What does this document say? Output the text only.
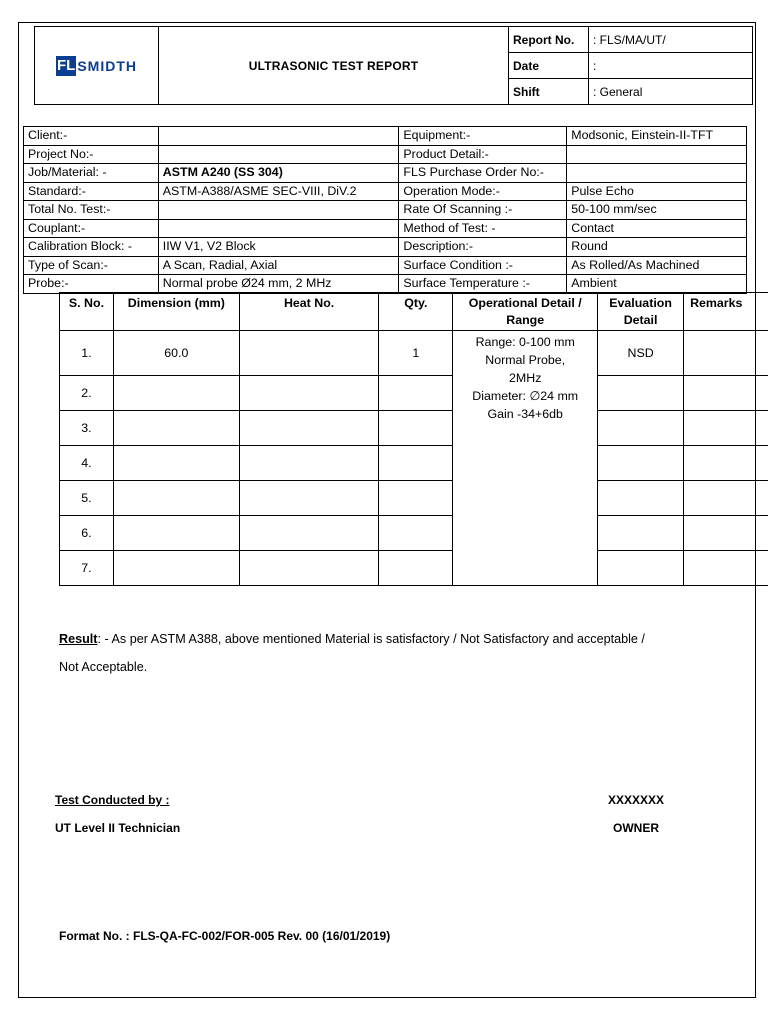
FL SMIDTH	ULTRASONIC TEST REPORT	Report No.	: FLS/MA/UT/
		Date	:
		Shift	: General
Client:-		Equipment:-	Modsonic, Einstein-II-TFT
Project No:-		Product Detail:-	
Job/Material: -	ASTM A240 (SS 304)	FLS Purchase Order No:-	
Standard:-	ASTM-A388/ASME SEC-VIII, DiV.2	Operation Mode:-	Pulse Echo
Total No. Test:-		Rate Of Scanning :-	50-100 mm/sec
Couplant:-		Method of Test: -	Contact
Calibration Block: -	IIW V1, V2 Block	Description:-	Round
Type of Scan:-	A Scan, Radial, Axial	Surface Condition :-	As Rolled/As Machined
Probe:-	Normal probe Ø24 mm, 2 MHz	Surface Temperature :-	Ambient
S. No.	Dimension (mm)	Heat No.	Qty.	Operational Detail / Range	Evaluation Detail	Remarks
1.	60.0		1	Range: 0-100 mm
Normal Probe,
2MHz
Diameter: ∅24 mm
Gain -34+6db	NSD	
2.						
3.						
4.						
5.						
6.						
7.						
Result: - As per ASTM A388, above mentioned Material is satisfactory / Not Satisfactory and acceptable /
Not Acceptable.
Test Conducted by :
UT Level II Technician
XXXXXXX
OWNER
Format No. : FLS-QA-FC-002/FOR-005 Rev. 00 (16/01/2019)
